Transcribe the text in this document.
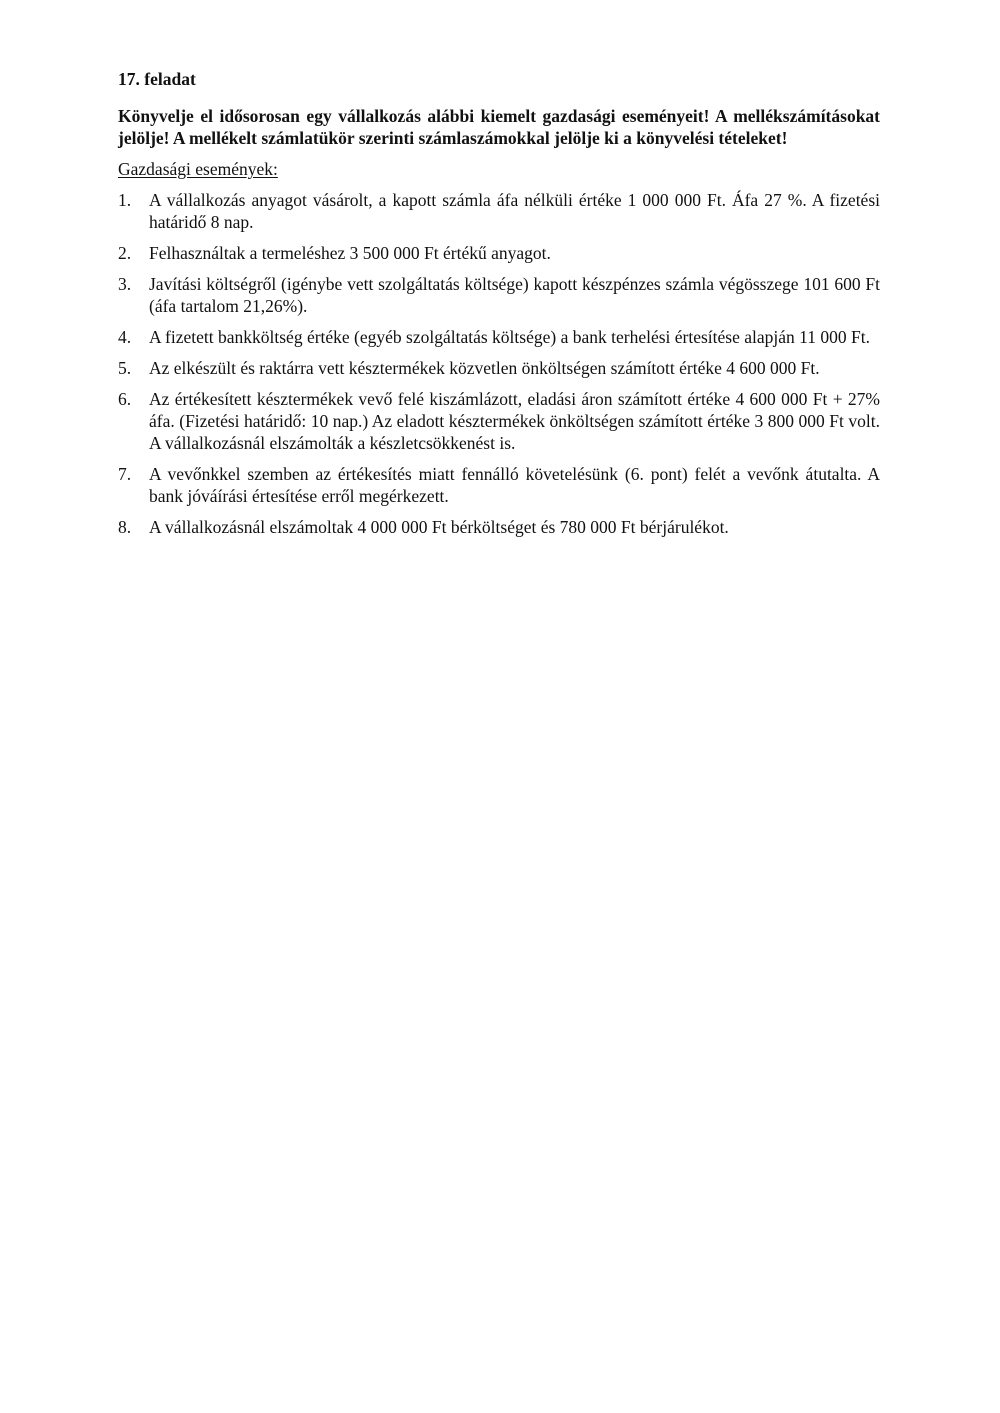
17. feladat
Könyvelje el idősorosan egy vállalkozás alábbi kiemelt gazdasági eseményeit! A mellékszámításokat jelölje! A mellékelt számlatükör szerinti számlaszámokkal jelölje ki a könyvelési tételeket!
Gazdasági események:
1.	A vállalkozás anyagot vásárolt, a kapott számla áfa nélküli értéke 1 000 000 Ft. Áfa 27 %. A fizetési határidő 8 nap.
2.	Felhasználtak a termeléshez 3 500 000 Ft értékű anyagot.
3.	Javítási költségről (igénybe vett szolgáltatás költsége) kapott készpénzes számla végösszege 101 600 Ft (áfa tartalom 21,26%).
4.	A fizetett bankköltség értéke (egyéb szolgáltatás költsége) a bank terhelési értesítése alapján 11 000 Ft.
5.	Az elkészült és raktárra vett késztermékek közvetlen önköltségen számított értéke 4 600 000 Ft.
6.	Az értékesített késztermékek vevő felé kiszámlázott, eladási áron számított értéke 4 600 000 Ft + 27% áfa. (Fizetési határidő: 10 nap.) Az eladott késztermékek önköltségen számított értéke 3 800 000 Ft volt. A vállalkozásnál elszámolták a készletcsökkenést is.
7.	A vevőnkkel szemben az értékesítés miatt fennálló követelésünk (6. pont) felét a vevőnk átutalta. A bank jóváírási értesítése erről megérkezett.
8.	A vállalkozásnál elszámoltak 4 000 000 Ft bérköltséget és 780 000 Ft bérjárulékot.
